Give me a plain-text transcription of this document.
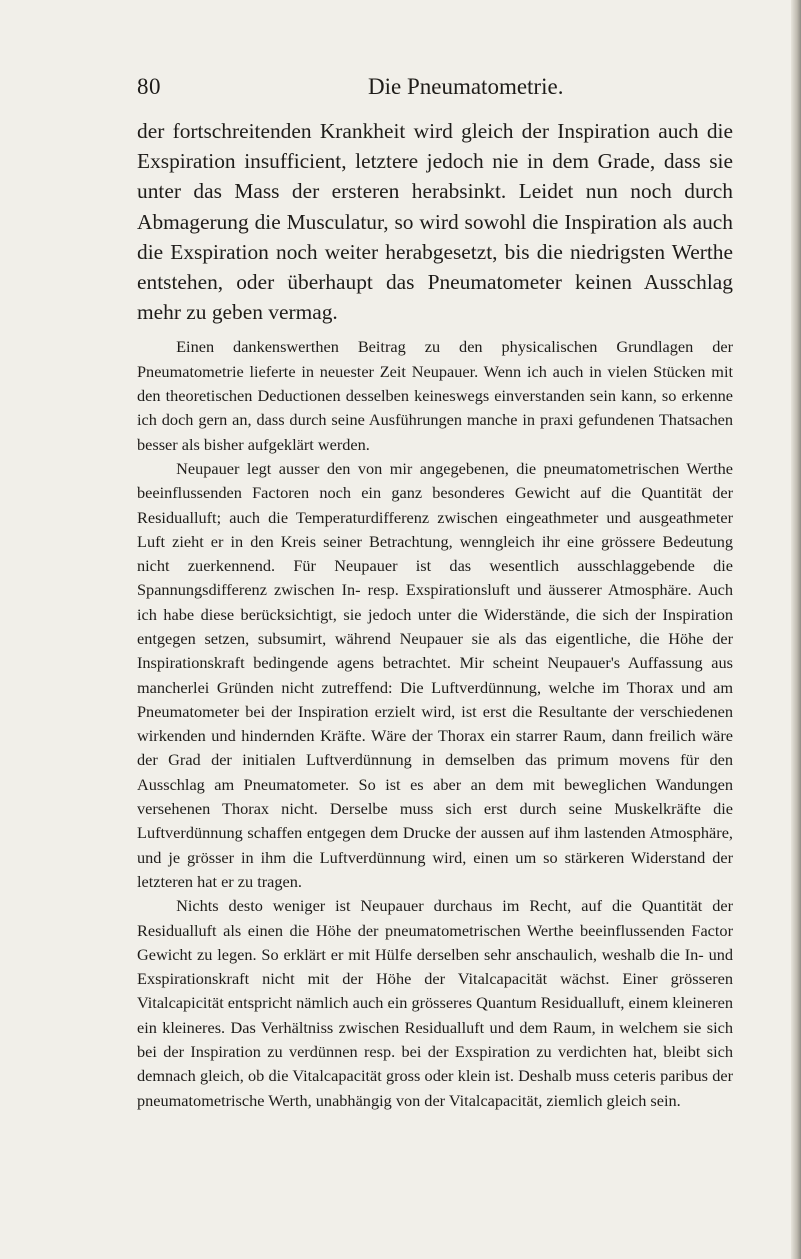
80	Die Pneumatometrie.

der fortschreitenden Krankheit wird gleich der Inspiration auch die Exspiration insufficient, letztere jedoch nie in dem Grade, dass sie unter das Mass der ersteren herabsinkt. Leidet nun noch durch Abmagerung die Musculatur, so wird sowohl die Inspiration als auch die Exspiration noch weiter herabgesetzt, bis die niedrigsten Werthe entstehen, oder überhaupt das Pneumatometer keinen Ausschlag mehr zu geben vermag.

Einen dankenswerthen Beitrag zu den physicalischen Grundlagen der Pneumatometrie lieferte in neuester Zeit Neupauer. Wenn ich auch in vielen Stücken mit den theoretischen Deductionen desselben keineswegs einverstanden sein kann, so erkenne ich doch gern an, dass durch seine Ausführungen manche in praxi gefundenen Thatsachen besser als bisher aufgeklärt werden.

Neupauer legt ausser den von mir angegebenen, die pneumatometrischen Werthe beeinflussenden Factoren noch ein ganz besonderes Gewicht auf die Quantität der Residualluft; auch die Temperaturdifferenz zwischen eingeathmeter und ausgeathmeter Luft zieht er in den Kreis seiner Betrachtung, wenngleich ihr eine grössere Bedeutung nicht zuerkennend. Für Neupauer ist das wesentlich ausschlaggebende die Spannungsdifferenz zwischen In- resp. Exspirationsluft und äusserer Atmosphäre. Auch ich habe diese berücksichtigt, sie jedoch unter die Widerstände, die sich der Inspiration entgegen setzen, subsumirt, während Neupauer sie als das eigentliche, die Höhe der Inspirationskraft bedingende agens betrachtet. Mir scheint Neupauer's Auffassung aus mancherlei Gründen nicht zutreffend: Die Luftverdünnung, welche im Thorax und am Pneumatometer bei der Inspiration erzielt wird, ist erst die Resultante der verschiedenen wirkenden und hindernden Kräfte. Wäre der Thorax ein starrer Raum, dann freilich wäre der Grad der initialen Luftverdünnung in demselben das primum movens für den Ausschlag am Pneumatometer. So ist es aber an dem mit beweglichen Wandungen versehenen Thorax nicht. Derselbe muss sich erst durch seine Muskelkräfte die Luftverdünnung schaffen entgegen dem Drucke der aussen auf ihm lastenden Atmosphäre, und je grösser in ihm die Luftverdünnung wird, einen um so stärkeren Widerstand der letzteren hat er zu tragen.

Nichts desto weniger ist Neupauer durchaus im Recht, auf die Quantität der Residualluft als einen die Höhe der pneumatometrischen Werthe beeinflussenden Factor Gewicht zu legen. So erklärt er mit Hülfe derselben sehr anschaulich, weshalb die In- und Exspirationskraft nicht mit der Höhe der Vitalcapacität wächst. Einer grösseren Vitalcapicität entspricht nämlich auch ein grösseres Quantum Residualluft, einem kleineren ein kleineres. Das Verhältniss zwischen Residualluft und dem Raum, in welchem sie sich bei der Inspiration zu verdünnen resp. bei der Exspiration zu verdichten hat, bleibt sich demnach gleich, ob die Vitalcapacität gross oder klein ist. Deshalb muss ceteris paribus der pneumatometrische Werth, unabhängig von der Vitalcapacität, ziemlich gleich sein.
